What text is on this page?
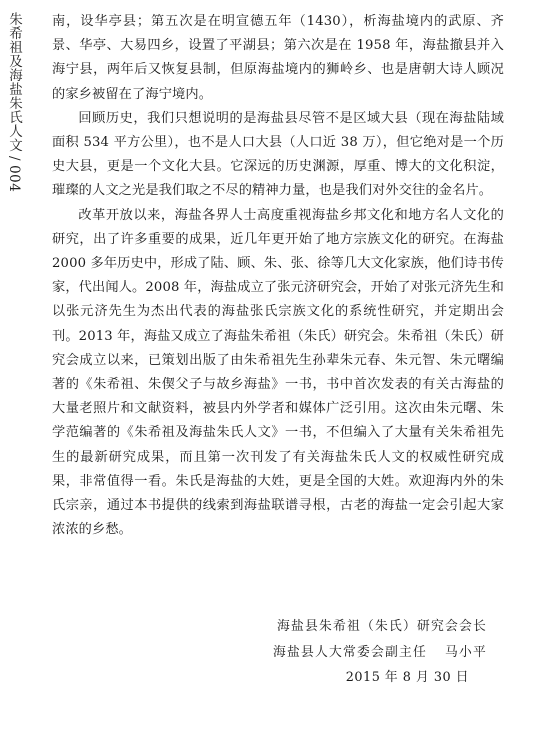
朱希祖及海盐朱氏人文/004

南，设华亭县；第五次是在明宣德五年（1430），析海盐境内的武原、齐景、华亭、大易四乡，设置了平湖县；第六次是在 1958 年，海盐撤县并入海宁县，两年后又恢复县制，但原海盐境内的狮岭乡、也是唐朝大诗人顾况的家乡被留在了海宁境内。

回顾历史，我们只想说明的是海盐县尽管不是区域大县（现在海盐陆域面积 534 平方公里），也不是人口大县（人口近 38 万），但它绝对是一个历史大县，更是一个文化大县。它深远的历史渊源，厚重、博大的文化积淀，璀璨的人文之光是我们取之不尽的精神力量，也是我们对外交往的金名片。

改革开放以来，海盐各界人士高度重视海盐乡邦文化和地方名人文化的研究，出了许多重要的成果，近几年更开始了地方宗族文化的研究。在海盐 2000 多年历史中，形成了陆、顾、朱、张、徐等几大文化家族，他们诗书传家，代出闻人。2008 年，海盐成立了张元济研究会，开始了对张元济先生和以张元济先生为杰出代表的海盐张氏宗族文化的系统性研究，并定期出会刊。2013 年，海盐又成立了海盐朱希祖（朱氏）研究会。朱希祖（朱氏）研究会成立以来，已策划出版了由朱希祖先生孙辈朱元春、朱元智、朱元曙编著的《朱希祖、朱偰父子与故乡海盐》一书，书中首次发表的有关古海盐的大量老照片和文献资料，被县内外学者和媒体广泛引用。这次由朱元曙、朱学范编著的《朱希祖及海盐朱氏人文》一书，不但编入了大量有关朱希祖先生的最新研究成果，而且第一次刊发了有关海盐朱氏人文的权威性研究成果，非常值得一看。朱氏是海盐的大姓，更是全国的大姓。欢迎海内外的朱氏宗亲，通过本书提供的线索到海盐联谱寻根，古老的海盐一定会引起大家浓浓的乡愁。

海盐县朱希祖（朱氏）研究会会长
海盐县人大常委会副主任 马小平
2015 年 8 月 30 日
